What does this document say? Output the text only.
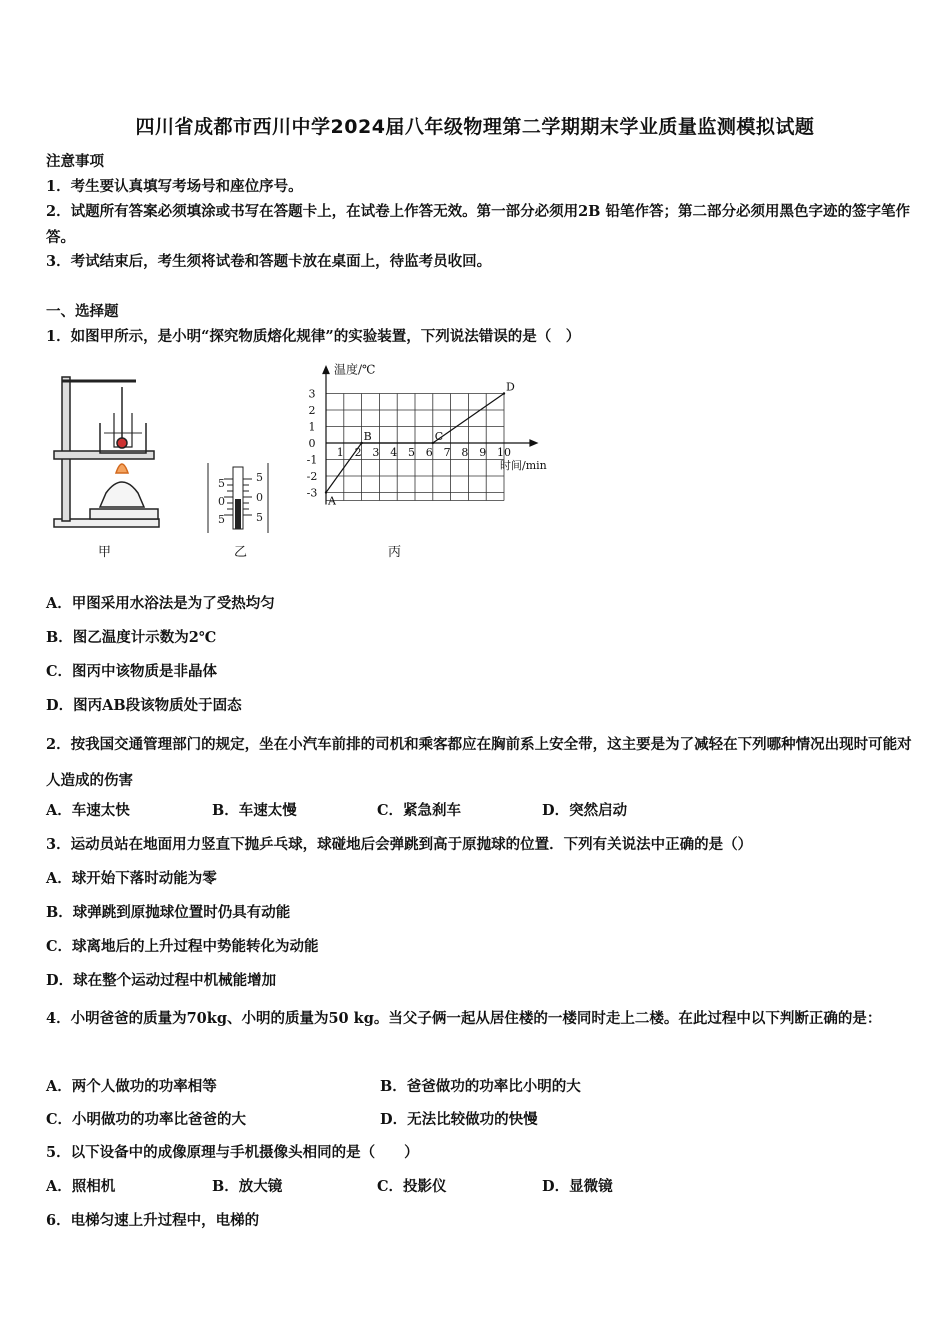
四川省成都市西川中学2024届八年级物理第二学期期末学业质量监测模拟试题
注意事项
1．考生要认真填写考场号和座位序号。
2．试题所有答案必须填涂或书写在答题卡上，在试卷上作答无效。第一部分必须用2B 铅笔作答；第二部分必须用黑色字迹的签字笔作答。
3．考试结束后，考生须将试卷和答题卡放在桌面上，待监考员收回。
一、选择题
1．如图甲所示，是小明“探究物质熔化规律”的实验装置，下列说法错误的是（　）
5
0
5
5
0
5
1 2 3 4 5 6 7 8 9 10
3
2
1
0
-1
-2
-3
温度/℃
时间/min
A
B	C
D
甲	乙	丙
A．甲图采用水浴法是为了受热均匀
B．图乙温度计示数为2℃
C．图丙中该物质是非晶体
D．图丙AB段该物质处于固态
2．按我国交通管理部门的规定，坐在小汽车前排的司机和乘客都应在胸前系上安全带，这主要是为了减轻在下列哪种情况出现时可能对人造成的伤害
A．车速太快	B．车速太慢	C．紧急刹车	D．突然启动
3．运动员站在地面用力竖直下抛乒乓球，球碰地后会弹跳到高于原抛球的位置．下列有关说法中正确的是（）
A．球开始下落时动能为零
B．球弹跳到原抛球位置时仍具有动能
C．球离地后的上升过程中势能转化为动能
D．球在整个运动过程中机械能增加
4．小明爸爸的质量为70kg、小明的质量为50 kg。当父子俩一起从居住楼的一楼同时走上二楼。在此过程中以下判断正确的是：
A．两个人做功的功率相等	B．爸爸做功的功率比小明的大
C．小明做功的功率比爸爸的大	D．无法比较做功的快慢
5．以下设备中的成像原理与手机摄像头相同的是（　　）
A．照相机	B．放大镜	C．投影仪	D．显微镜
6．电梯匀速上升过程中，电梯的
